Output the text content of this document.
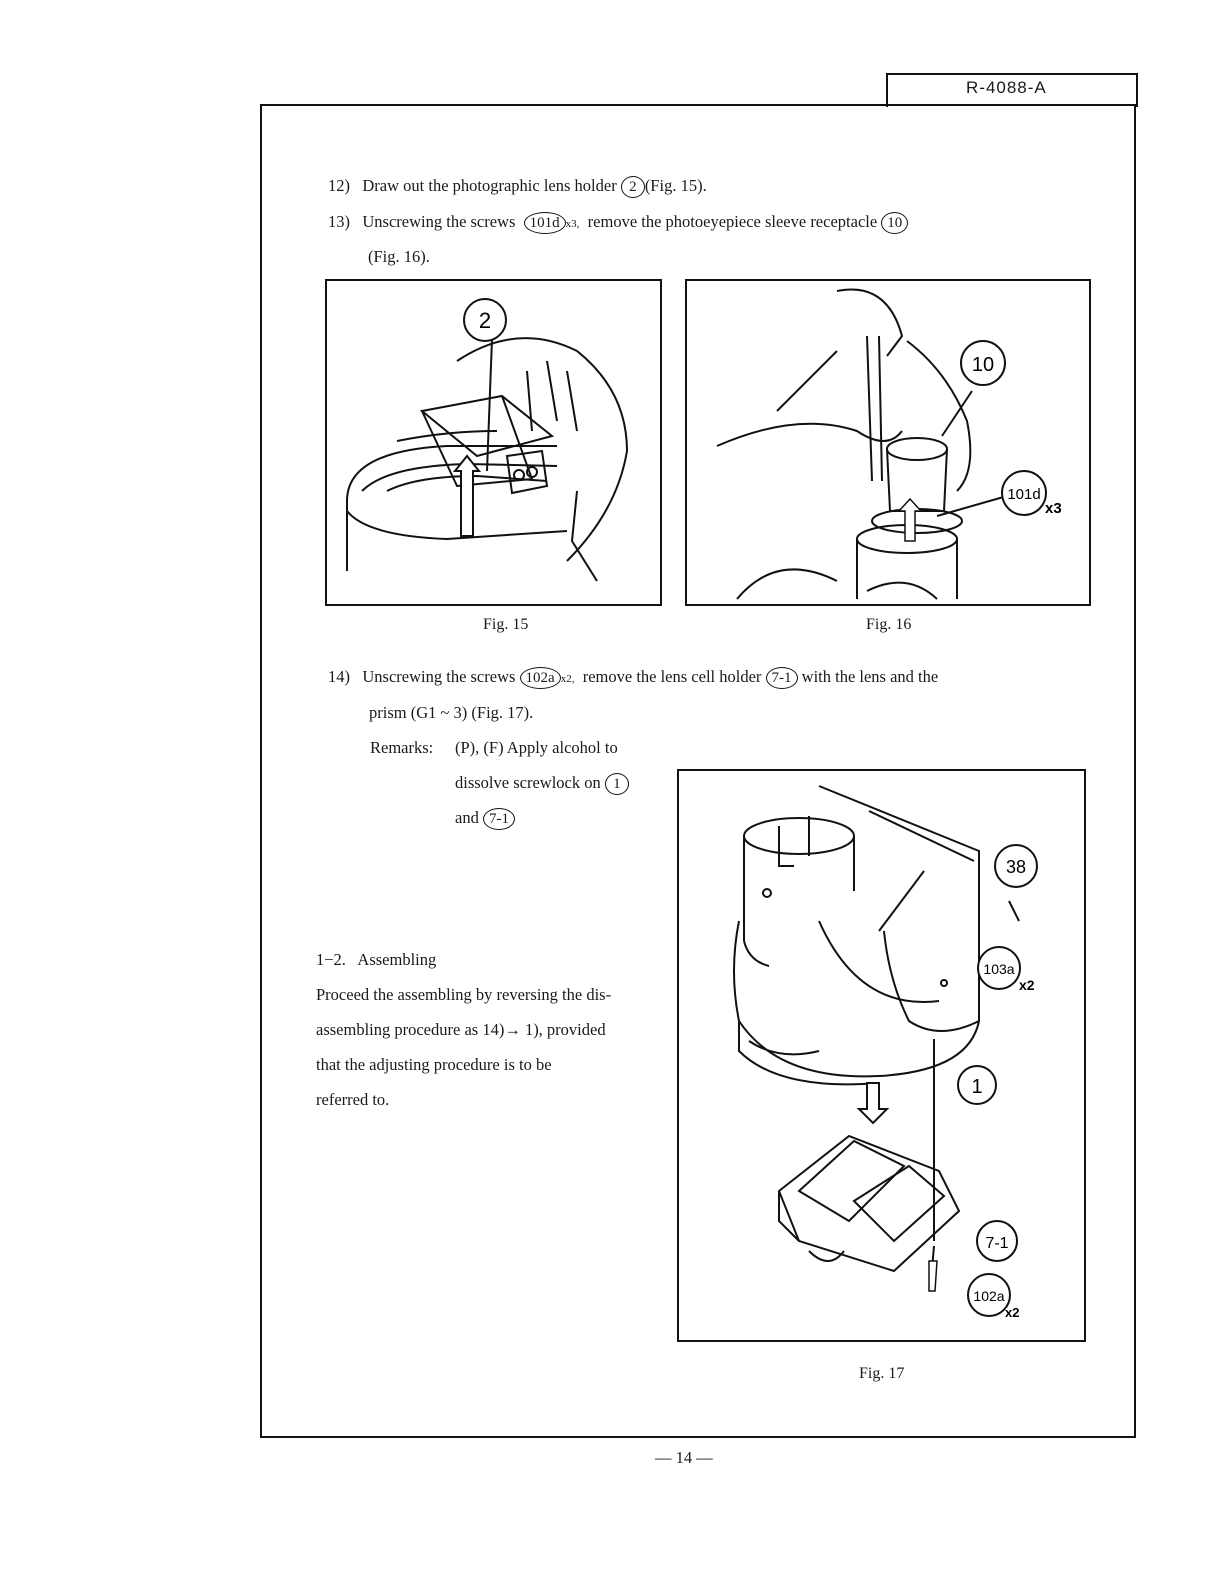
R-4088-A
12) Draw out the photographic lens holder 2 (Fig. 15).
13) Unscrewing the screws 101d x3, remove the photoeyepiece sleeve receptacle 10
(Fig. 16).
2
Fig. 15
10
101d
x3
Fig. 16
14) Unscrewing the screws 102a x2, remove the lens cell holder 7-1 with the lens and the
prism (G1 ~ 3) (Fig. 17).
Remarks: (P), (F) Apply alcohol to
dissolve screwlock on 1
and 7-1
1−2. Assembling
Proceed the assembling by reversing the dis-
assembling procedure as 14)→ 1), provided
that the adjusting procedure is to be
referred to.
38
103a
x2
1
7-1
102a
x2
Fig. 17
— 14 —
